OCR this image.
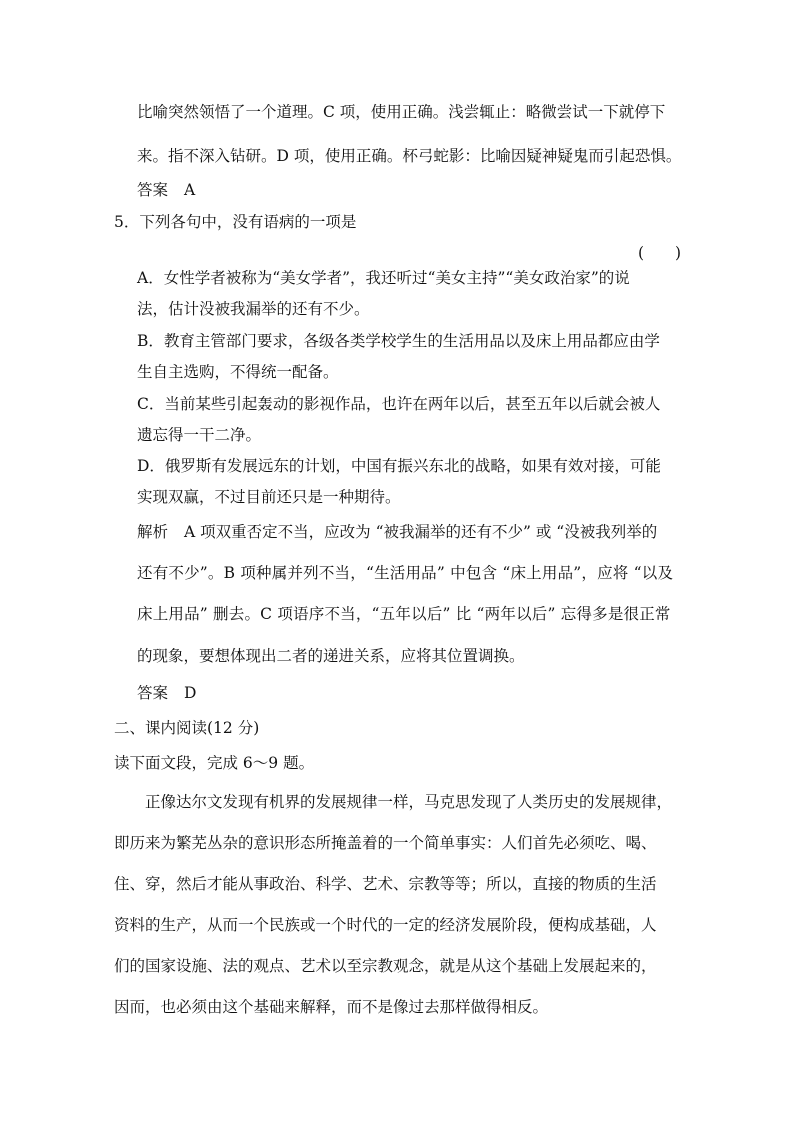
比喻突然领悟了一个道理。C 项，使用正确。浅尝辄止：略微尝试一下就停下
来。指不深入钻研。D 项，使用正确。杯弓蛇影：比喻因疑神疑鬼而引起恐惧。
答案 A
5．下列各句中，没有语病的一项是
(　　)
A．女性学者被称为“美女学者”，我还听过“美女主持”“美女政治家”的说
法，估计没被我漏举的还有不少。
B．教育主管部门要求，各级各类学校学生的生活用品以及床上用品都应由学
生自主选购，不得统一配备。
C．当前某些引起轰动的影视作品，也许在两年以后，甚至五年以后就会被人
遗忘得一干二净。
D．俄罗斯有发展远东的计划，中国有振兴东北的战略，如果有效对接，可能
实现双赢，不过目前还只是一种期待。
解析 A 项双重否定不当，应改为 “被我漏举的还有不少” 或 “没被我列举的
还有不少”。B 项种属并列不当，“生活用品” 中包含 “床上用品”，应将 “以及
床上用品” 删去。C 项语序不当，“五年以后” 比 “两年以后” 忘得多是很正常
的现象，要想体现出二者的递进关系，应将其位置调换。
答案 D
二、课内阅读(12 分)
读下面文段，完成 6～9 题。
正像达尔文发现有机界的发展规律一样，马克思发现了人类历史的发展规律，
即历来为繁芜丛杂的意识形态所掩盖着的一个简单事实：人们首先必须吃、喝、
住、穿，然后才能从事政治、科学、艺术、宗教等等；所以，直接的物质的生活
资料的生产，从而一个民族或一个时代的一定的经济发展阶段，便构成基础，人
们的国家设施、法的观点、艺术以至宗教观念，就是从这个基础上发展起来的，
因而，也必须由这个基础来解释，而不是像过去那样做得相反。
